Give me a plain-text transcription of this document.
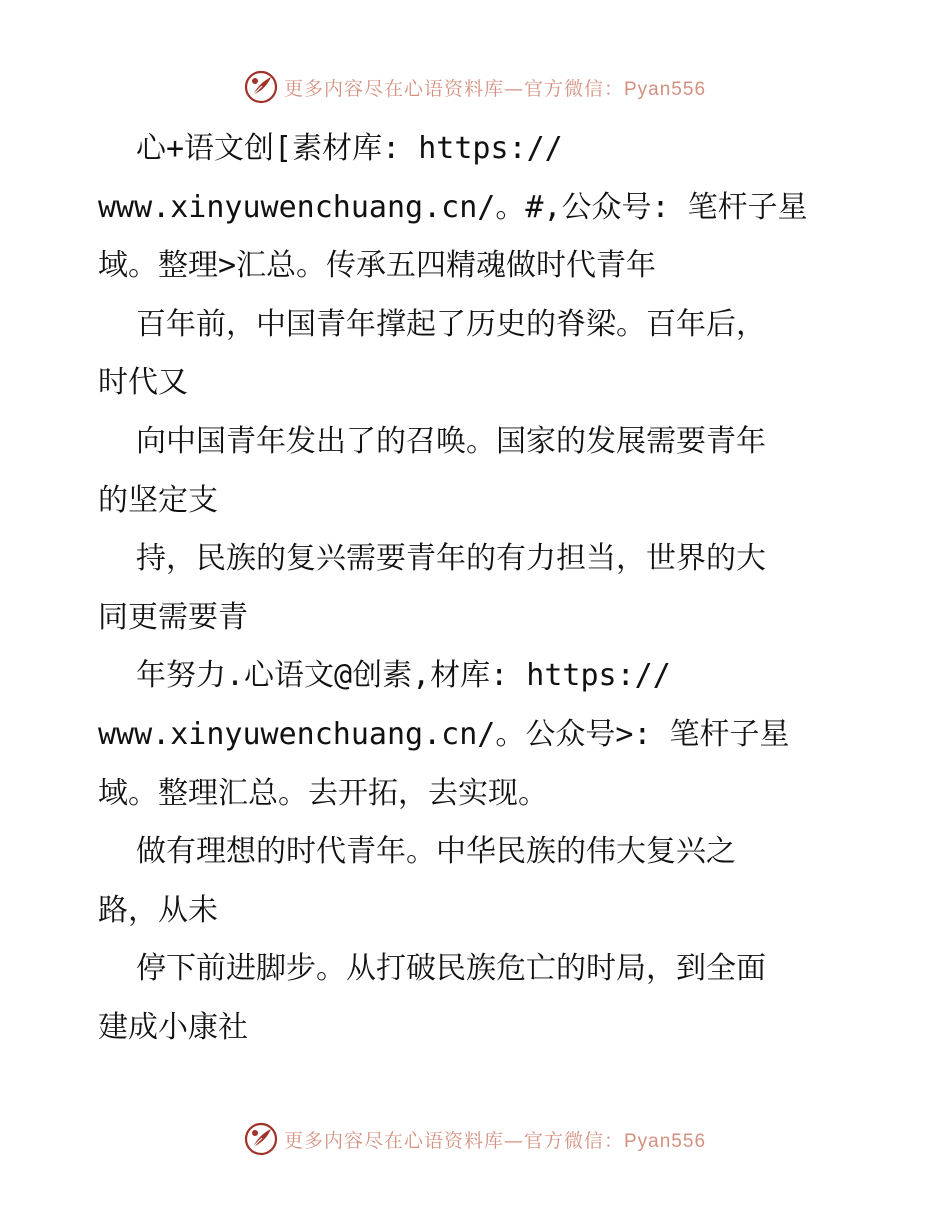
更多内容尽在心语资料库—官方微信：Pyan556
心+语文创[素材库: https://
www.xinyuwenchuang.cn/。#,公众号: 笔杆子星
域。整理>汇总。传承五四精魂做时代青年
百年前，中国青年撑起了历史的脊梁。百年后，
时代又
向中国青年发出了的召唤。国家的发展需要青年
的坚定支
持，民族的复兴需要青年的有力担当，世界的大
同更需要青
年努力.心语文@创素,材库: https://
www.xinyuwenchuang.cn/。公众号>: 笔杆子星
域。整理汇总。去开拓，去实现。
做有理想的时代青年。中华民族的伟大复兴之
路，从未
停下前进脚步。从打破民族危亡的时局，到全面
建成小康社
更多内容尽在心语资料库—官方微信：Pyan556
